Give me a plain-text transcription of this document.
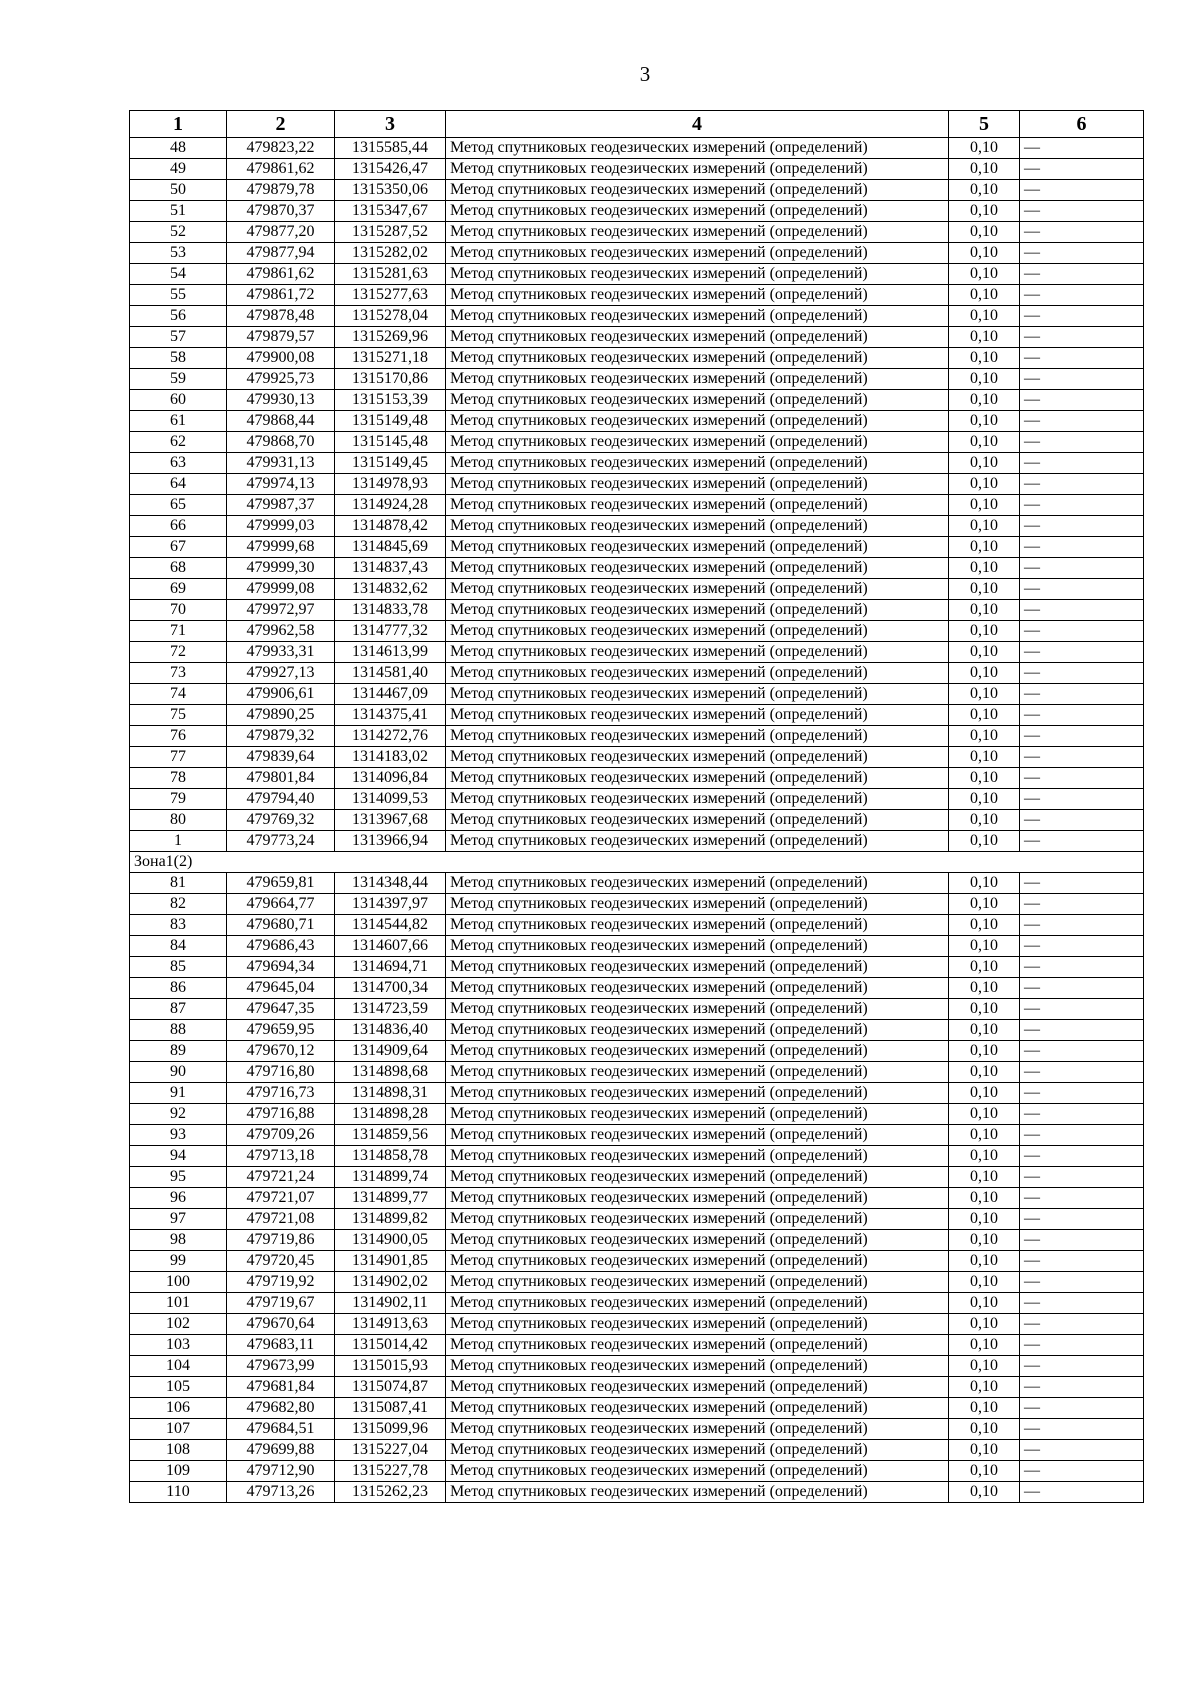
3
1	2	3	4	5	6
48	479823,22	1315585,44	Метод спутниковых геодезических измерений (определений)	0,10	—
49	479861,62	1315426,47	Метод спутниковых геодезических измерений (определений)	0,10	—
50	479879,78	1315350,06	Метод спутниковых геодезических измерений (определений)	0,10	—
51	479870,37	1315347,67	Метод спутниковых геодезических измерений (определений)	0,10	—
52	479877,20	1315287,52	Метод спутниковых геодезических измерений (определений)	0,10	—
53	479877,94	1315282,02	Метод спутниковых геодезических измерений (определений)	0,10	—
54	479861,62	1315281,63	Метод спутниковых геодезических измерений (определений)	0,10	—
55	479861,72	1315277,63	Метод спутниковых геодезических измерений (определений)	0,10	—
56	479878,48	1315278,04	Метод спутниковых геодезических измерений (определений)	0,10	—
57	479879,57	1315269,96	Метод спутниковых геодезических измерений (определений)	0,10	—
58	479900,08	1315271,18	Метод спутниковых геодезических измерений (определений)	0,10	—
59	479925,73	1315170,86	Метод спутниковых геодезических измерений (определений)	0,10	—
60	479930,13	1315153,39	Метод спутниковых геодезических измерений (определений)	0,10	—
61	479868,44	1315149,48	Метод спутниковых геодезических измерений (определений)	0,10	—
62	479868,70	1315145,48	Метод спутниковых геодезических измерений (определений)	0,10	—
63	479931,13	1315149,45	Метод спутниковых геодезических измерений (определений)	0,10	—
64	479974,13	1314978,93	Метод спутниковых геодезических измерений (определений)	0,10	—
65	479987,37	1314924,28	Метод спутниковых геодезических измерений (определений)	0,10	—
66	479999,03	1314878,42	Метод спутниковых геодезических измерений (определений)	0,10	—
67	479999,68	1314845,69	Метод спутниковых геодезических измерений (определений)	0,10	—
68	479999,30	1314837,43	Метод спутниковых геодезических измерений (определений)	0,10	—
69	479999,08	1314832,62	Метод спутниковых геодезических измерений (определений)	0,10	—
70	479972,97	1314833,78	Метод спутниковых геодезических измерений (определений)	0,10	—
71	479962,58	1314777,32	Метод спутниковых геодезических измерений (определений)	0,10	—
72	479933,31	1314613,99	Метод спутниковых геодезических измерений (определений)	0,10	—
73	479927,13	1314581,40	Метод спутниковых геодезических измерений (определений)	0,10	—
74	479906,61	1314467,09	Метод спутниковых геодезических измерений (определений)	0,10	—
75	479890,25	1314375,41	Метод спутниковых геодезических измерений (определений)	0,10	—
76	479879,32	1314272,76	Метод спутниковых геодезических измерений (определений)	0,10	—
77	479839,64	1314183,02	Метод спутниковых геодезических измерений (определений)	0,10	—
78	479801,84	1314096,84	Метод спутниковых геодезических измерений (определений)	0,10	—
79	479794,40	1314099,53	Метод спутниковых геодезических измерений (определений)	0,10	—
80	479769,32	1313967,68	Метод спутниковых геодезических измерений (определений)	0,10	—
1	479773,24	1313966,94	Метод спутниковых геодезических измерений (определений)	0,10	—
Зона1(2)					
81	479659,81	1314348,44	Метод спутниковых геодезических измерений (определений)	0,10	—
82	479664,77	1314397,97	Метод спутниковых геодезических измерений (определений)	0,10	—
83	479680,71	1314544,82	Метод спутниковых геодезических измерений (определений)	0,10	—
84	479686,43	1314607,66	Метод спутниковых геодезических измерений (определений)	0,10	—
85	479694,34	1314694,71	Метод спутниковых геодезических измерений (определений)	0,10	—
86	479645,04	1314700,34	Метод спутниковых геодезических измерений (определений)	0,10	—
87	479647,35	1314723,59	Метод спутниковых геодезических измерений (определений)	0,10	—
88	479659,95	1314836,40	Метод спутниковых геодезических измерений (определений)	0,10	—
89	479670,12	1314909,64	Метод спутниковых геодезических измерений (определений)	0,10	—
90	479716,80	1314898,68	Метод спутниковых геодезических измерений (определений)	0,10	—
91	479716,73	1314898,31	Метод спутниковых геодезических измерений (определений)	0,10	—
92	479716,88	1314898,28	Метод спутниковых геодезических измерений (определений)	0,10	—
93	479709,26	1314859,56	Метод спутниковых геодезических измерений (определений)	0,10	—
94	479713,18	1314858,78	Метод спутниковых геодезических измерений (определений)	0,10	—
95	479721,24	1314899,74	Метод спутниковых геодезических измерений (определений)	0,10	—
96	479721,07	1314899,77	Метод спутниковых геодезических измерений (определений)	0,10	—
97	479721,08	1314899,82	Метод спутниковых геодезических измерений (определений)	0,10	—
98	479719,86	1314900,05	Метод спутниковых геодезических измерений (определений)	0,10	—
99	479720,45	1314901,85	Метод спутниковых геодезических измерений (определений)	0,10	—
100	479719,92	1314902,02	Метод спутниковых геодезических измерений (определений)	0,10	—
101	479719,67	1314902,11	Метод спутниковых геодезических измерений (определений)	0,10	—
102	479670,64	1314913,63	Метод спутниковых геодезических измерений (определений)	0,10	—
103	479683,11	1315014,42	Метод спутниковых геодезических измерений (определений)	0,10	—
104	479673,99	1315015,93	Метод спутниковых геодезических измерений (определений)	0,10	—
105	479681,84	1315074,87	Метод спутниковых геодезических измерений (определений)	0,10	—
106	479682,80	1315087,41	Метод спутниковых геодезических измерений (определений)	0,10	—
107	479684,51	1315099,96	Метод спутниковых геодезических измерений (определений)	0,10	—
108	479699,88	1315227,04	Метод спутниковых геодезических измерений (определений)	0,10	—
109	479712,90	1315227,78	Метод спутниковых геодезических измерений (определений)	0,10	—
110	479713,26	1315262,23	Метод спутниковых геодезических измерений (определений)	0,10	—
